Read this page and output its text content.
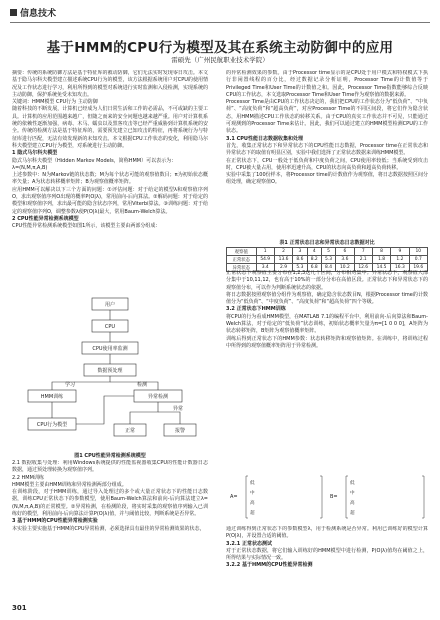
信息技术
基于HMM的CPU行为模型及其在系统主动防御中的应用
雷硕先（广州民航职业技术学院）

摘要：传统的系统防御方法是基于特征库的被动防御，它们无法实时发现零日攻击。本文基于隐马尔科夫模型建立描述系统CPU行为的模型，该方法根据系统用户对CPU的使用情况及工作状态进行学习，利用所得到的模型对系统进行实时监测和入侵检测，实现系统的主动防御，保护系统免受未知攻击。

关键词：HMM模型 CPU行为 主动防御

随着科技的不断发展，计算机已经成为人们日常生活和工作的必需品，不可或缺的主要工具。计算机的应用范围越来越广，但随之而来的安全问题也越来越严重。用户对计算机系统的依赖性逐渐加强，病毒、木马、蠕虫以及黑客攻击等已经严重威胁到计算机系统的安全。传统的检测方法是基于特征库的，需要预先建立已知攻击的特征，再将系统行为与特征库进行匹配，无法有效发现新的未知攻击。本文根据CPU工作状态的变化，利用隐马尔科夫模型建立CPU行为模型，对系统进行主动防御。

1 隐式马尔科夫模型

隐式马尔科夫模型（Hidden Markov Models，简称HMM）可以表示为：

λ=(N,M,π,A,B)

上述参数中：N为Markov链的状态数；M为每个状态可能的观察值数目；π为初始状态概率矢量；A为状态转移概率矩阵；B为观察值概率矩阵。

应用HMM可以解决以下三个方面的问题：①评估问题：对于给定的模型λ和观察值序列O，求出观察值序列O出现的概率P(O|λ)，常用前向-后向算法。②解码问题：对于给定的模型和观察值序列，求出最可能的隐含状态序列，常用Viterbi算法。③训练问题：对于给定的观察值序列O，调整参数λ使P(O|λ)最大，常用Baum-Welch算法。

2 CPU性能异常检测系统模型

CPU性能异常检测系统模型如图1所示，该模型主要由两部分组成：

用户
CPU
CPU使用率监测
数据预处理
HMM训练
CPU行为模型
异常检测
正常	报警
学习	检测
异常
图1 CPU性能异常检测系统模型

2.1 数据收集与处理：利用Windows系统提供的性能监视器收集CPU的性能计数器日志数据，通过预处理转换为观察值序列。

2.2 HMM训练

HMM模型主要由HMM训练和异常检测两部分组成。

在训练阶段，对于HMM训练，通过导入处理过的多个或大量正常状态下的性能日志数据，训练CPU正常状态下的参数模型，使用Baum-Welch算法和前向-后向算法建立λ=(N,M,π,A,B)的正常模型。②异常检测，在检测阶段，将实时采集的观察值序列输入已训练好的模型，利用前向-后向算法计算P(O|λ)值，并与阈值比较，判断系统是否异常。

3 基于HMM的CPU性能异常检测实验

本实验主要实施基于HMM的CPU异常检测，必须选择具有最佳的异常检测效果的状态，

的异常检测效果的参数。由于Processor time显示的是CPU处于用户模式和特权模式下执行非闲置线程的百分比，经过数据记录分析证明，Processor Time的计数值等于Privileged Time和User Time的计数值之和。因此，Processor Time指数能够综合反映CPU的工作状态，本文选取Processor Time和User Time作为观察值的数据来源。

Processor Time是由CPU的工作状态决定的，我们把CPU的工作状态分为“低负荷”、“中负荷”、“高度负荷”和“超高负荷”，对应Processor Time的不同区间段，将它们作为隐含状态，用HMM描述CPU工作状态的转移关系。由于CPU的真实工作状态并不可见，只能通过可观测到的Processor Time来估计。因此，我们可以通过建立的HMM模型检测CPU的工作状态。

3.1 CPU性能日志数据收集和处理

首先，收集正常状态下和异常状态下的CPU性能日志数据，Processor time在正常状态和异常状态下的取值有明显区别，实验中我们选择了正常状态数据来训练HMM模型。

在正常状态下，CPU一般处于低负荷和中度负荷之间，CPU使用率较低；当系统受到攻击时，CPU被大量占用，使用率迅速升高，CPU的状态向高负荷和超高负荷转移。

实验中采集了100份样本，将Processor time的计数值作为观察值，将日志数据按照区间分组处理，确定观察值O。

表1 正常状态日志和异常状态日志数据对比
观察值	1	2	3	4	5	6	7	8	9	10
正常状态	54.9	13.6	8.6	8.2	5.3	3.6	2.1	1.8	1.2	0.7
异常状态	3.4	2.9	5.3	6.8	8.4	10.2	12.6	14.5	16.3	19.6

正常状态下观察值主要分布在1,2,3这几个区间，分布相对集中；异常状态下，观察值大部分集中于10,11,12，也有高于10%的一部分分布在高值区段。正常状态下和异常状态下的观察值分布，可以作为判断系统状态的依据。

将日志数据按照观察值分组作为观察值，确定隐含状态数目N，根据Processor time的计数值分为“低负荷”、“中度负荷”、“高度负荷”和“超高负荷”四个等级。

3.2 正常状态下HMM训练

将CPU的行为看成HMM模型，在MATLAB 7.1的编程平台中，利用前向-后向算法和Baum-Welch算法，对于给定的“低负荷”状态训练，初始状态概率矢量为π=[1 0 0 0]，A矩阵为状态转移矩阵，B矩阵为观察值概率矩阵。

训练后得到正常状态下的HMM参数：状态转移矩阵和观察值矩阵。在训练中，将训练过程中所得到的观察值概率矩阵用于异常检测。

A=	B=
低	低
中	中
高	高
超	超

通过训练得到正常状态下的参数模型λ，用于检测系统是否异常。利用已训练好的模型计算P(O|λ)，并设置合适的阈值。

3.2.1 正常状态测试

对于正常状态数据，将它们输入训练好的HMM模型中进行检测，P(O|λ)值均在阈值之上，所得结果与实际情况一致。

3.2.2 基于HMM的CPU性能异常检测

301
